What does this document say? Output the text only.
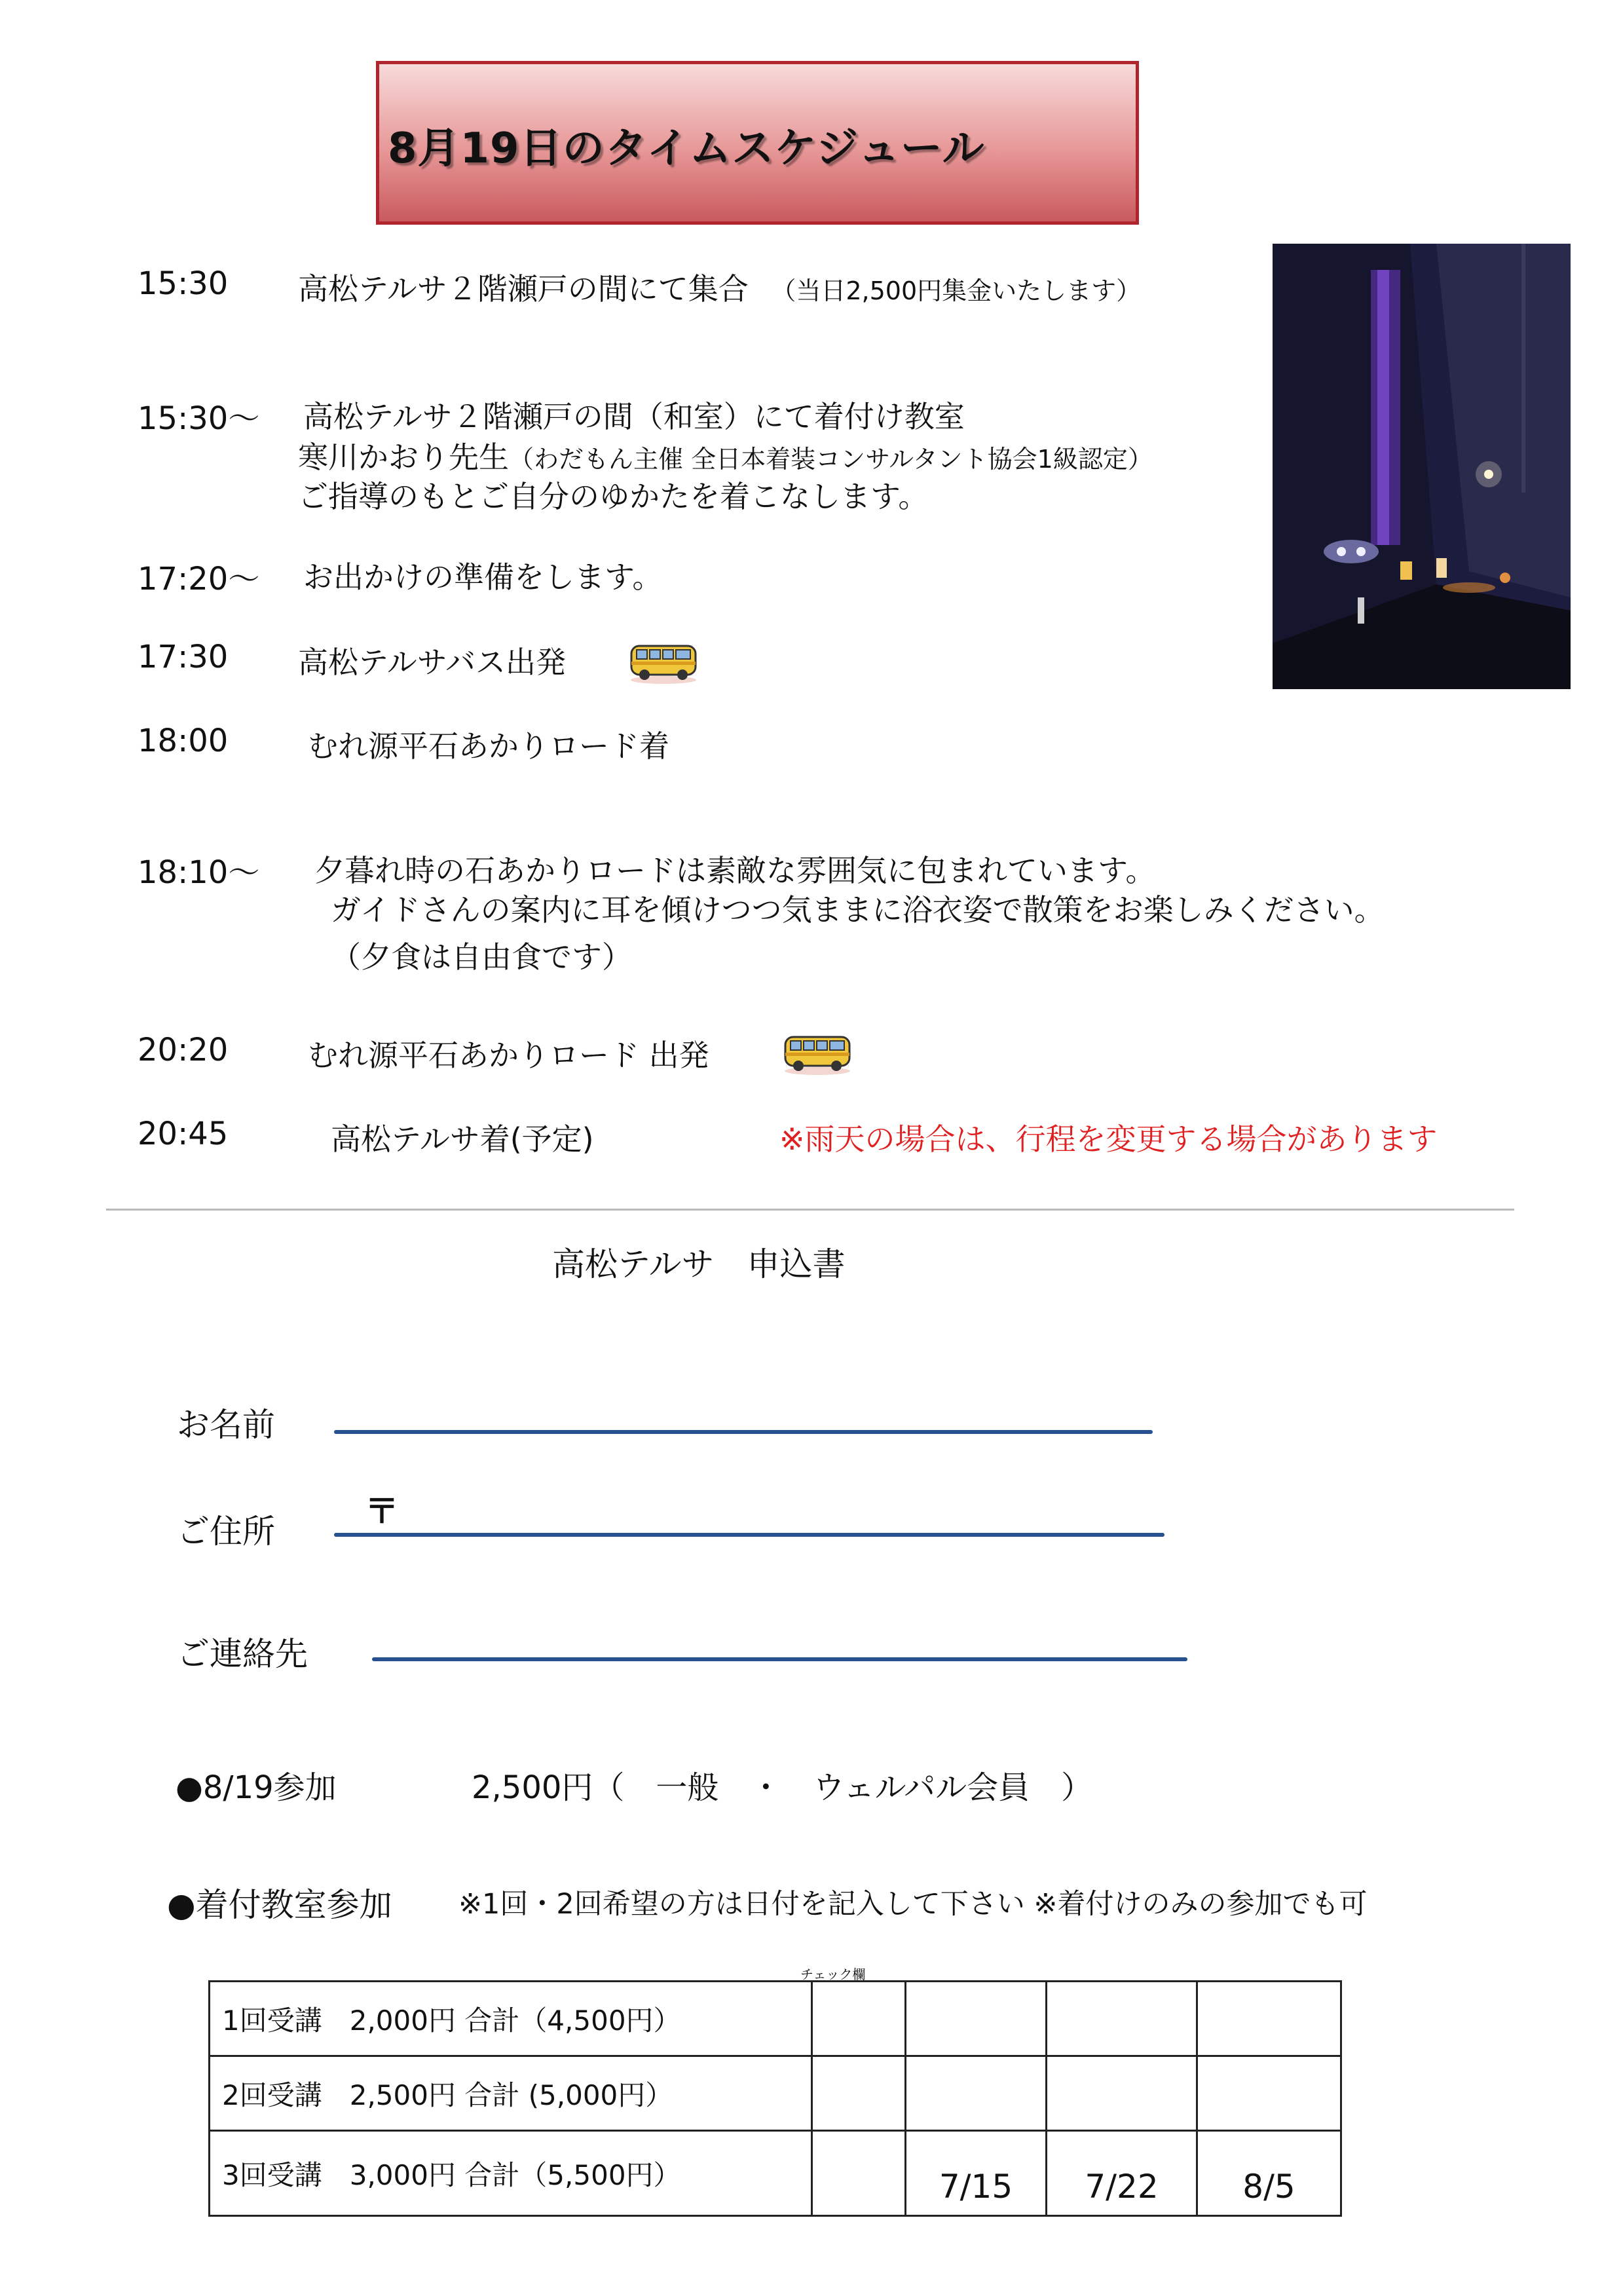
8月19日のタイムスケジュール
15:30 高松テルサ２階瀬戸の間にて集合 （当日2,500円集金いたします）
15:30～ 高松テルサ２階瀬戸の間（和室）にて着付け教室
寒川かおり先生（わだもん主催 全日本着装コンサルタント協会1級認定）
ご指導のもとご自分のゆかたを着こなします。
17:20～ お出かけの準備をします。
17:30 高松テルサバス出発
18:00	むれ源平石あかりロード着
18:10～ 夕暮れ時の石あかりロードは素敵な雰囲気に包まれています。
ガイドさんの案内に耳を傾けつつ気ままに浴衣姿で散策をお楽しみください。
（夕食は自由食です）
20:20	むれ源平石あかりロード 出発
20:45	高松テルサ着(予定)	※雨天の場合は、行程を変更する場合があります
高松テルサ　申込書
お名前
ご住所	〒
ご連絡先
●8/19参加	2,500円（　一般　・　ウェルパル会員　）
●着付教室参加 ※1回・2回希望の方は日付を記入して下さい ※着付けのみの参加でも可
チェック欄
1回受講　2,000円 合計（4,500円）				
2回受講　2,500円 合計 (5,000円）				
3回受講　3,000円 合計（5,500円）		7/15	7/22	8/5
